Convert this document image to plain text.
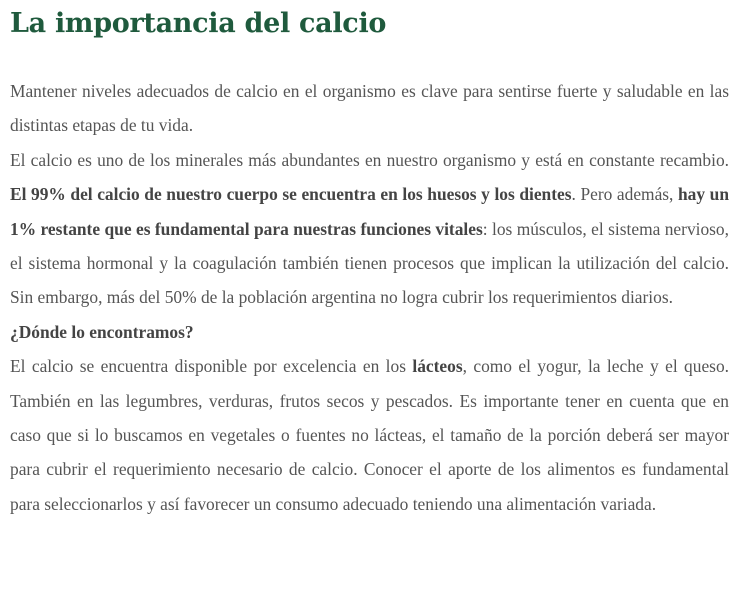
La importancia del calcio

Mantener niveles adecuados de calcio en el organismo es clave para sentirse fuerte y saludable en las distintas etapas de tu vida.

El calcio es uno de los minerales más abundantes en nuestro organismo y está en constante recambio. El 99% del calcio de nuestro cuerpo se encuentra en los huesos y los dientes. Pero además, hay un 1% restante que es fundamental para nuestras funciones vitales: los músculos, el sistema nervioso, el sistema hormonal y la coagulación también tienen procesos que implican la utilización del calcio. Sin embargo, más del 50% de la población argentina no logra cubrir los requerimientos diarios.

¿Dónde lo encontramos?

El calcio se encuentra disponible por excelencia en los lácteos, como el yogur, la leche y el queso. También en las legumbres, verduras, frutos secos y pescados. Es importante tener en cuenta que en caso que si lo buscamos en vegetales o fuentes no lácteas, el tamaño de la porción deberá ser mayor para cubrir el requerimiento necesario de calcio. Conocer el aporte de los alimentos es fundamental para seleccionarlos y así favorecer un consumo adecuado teniendo una alimentación variada.
